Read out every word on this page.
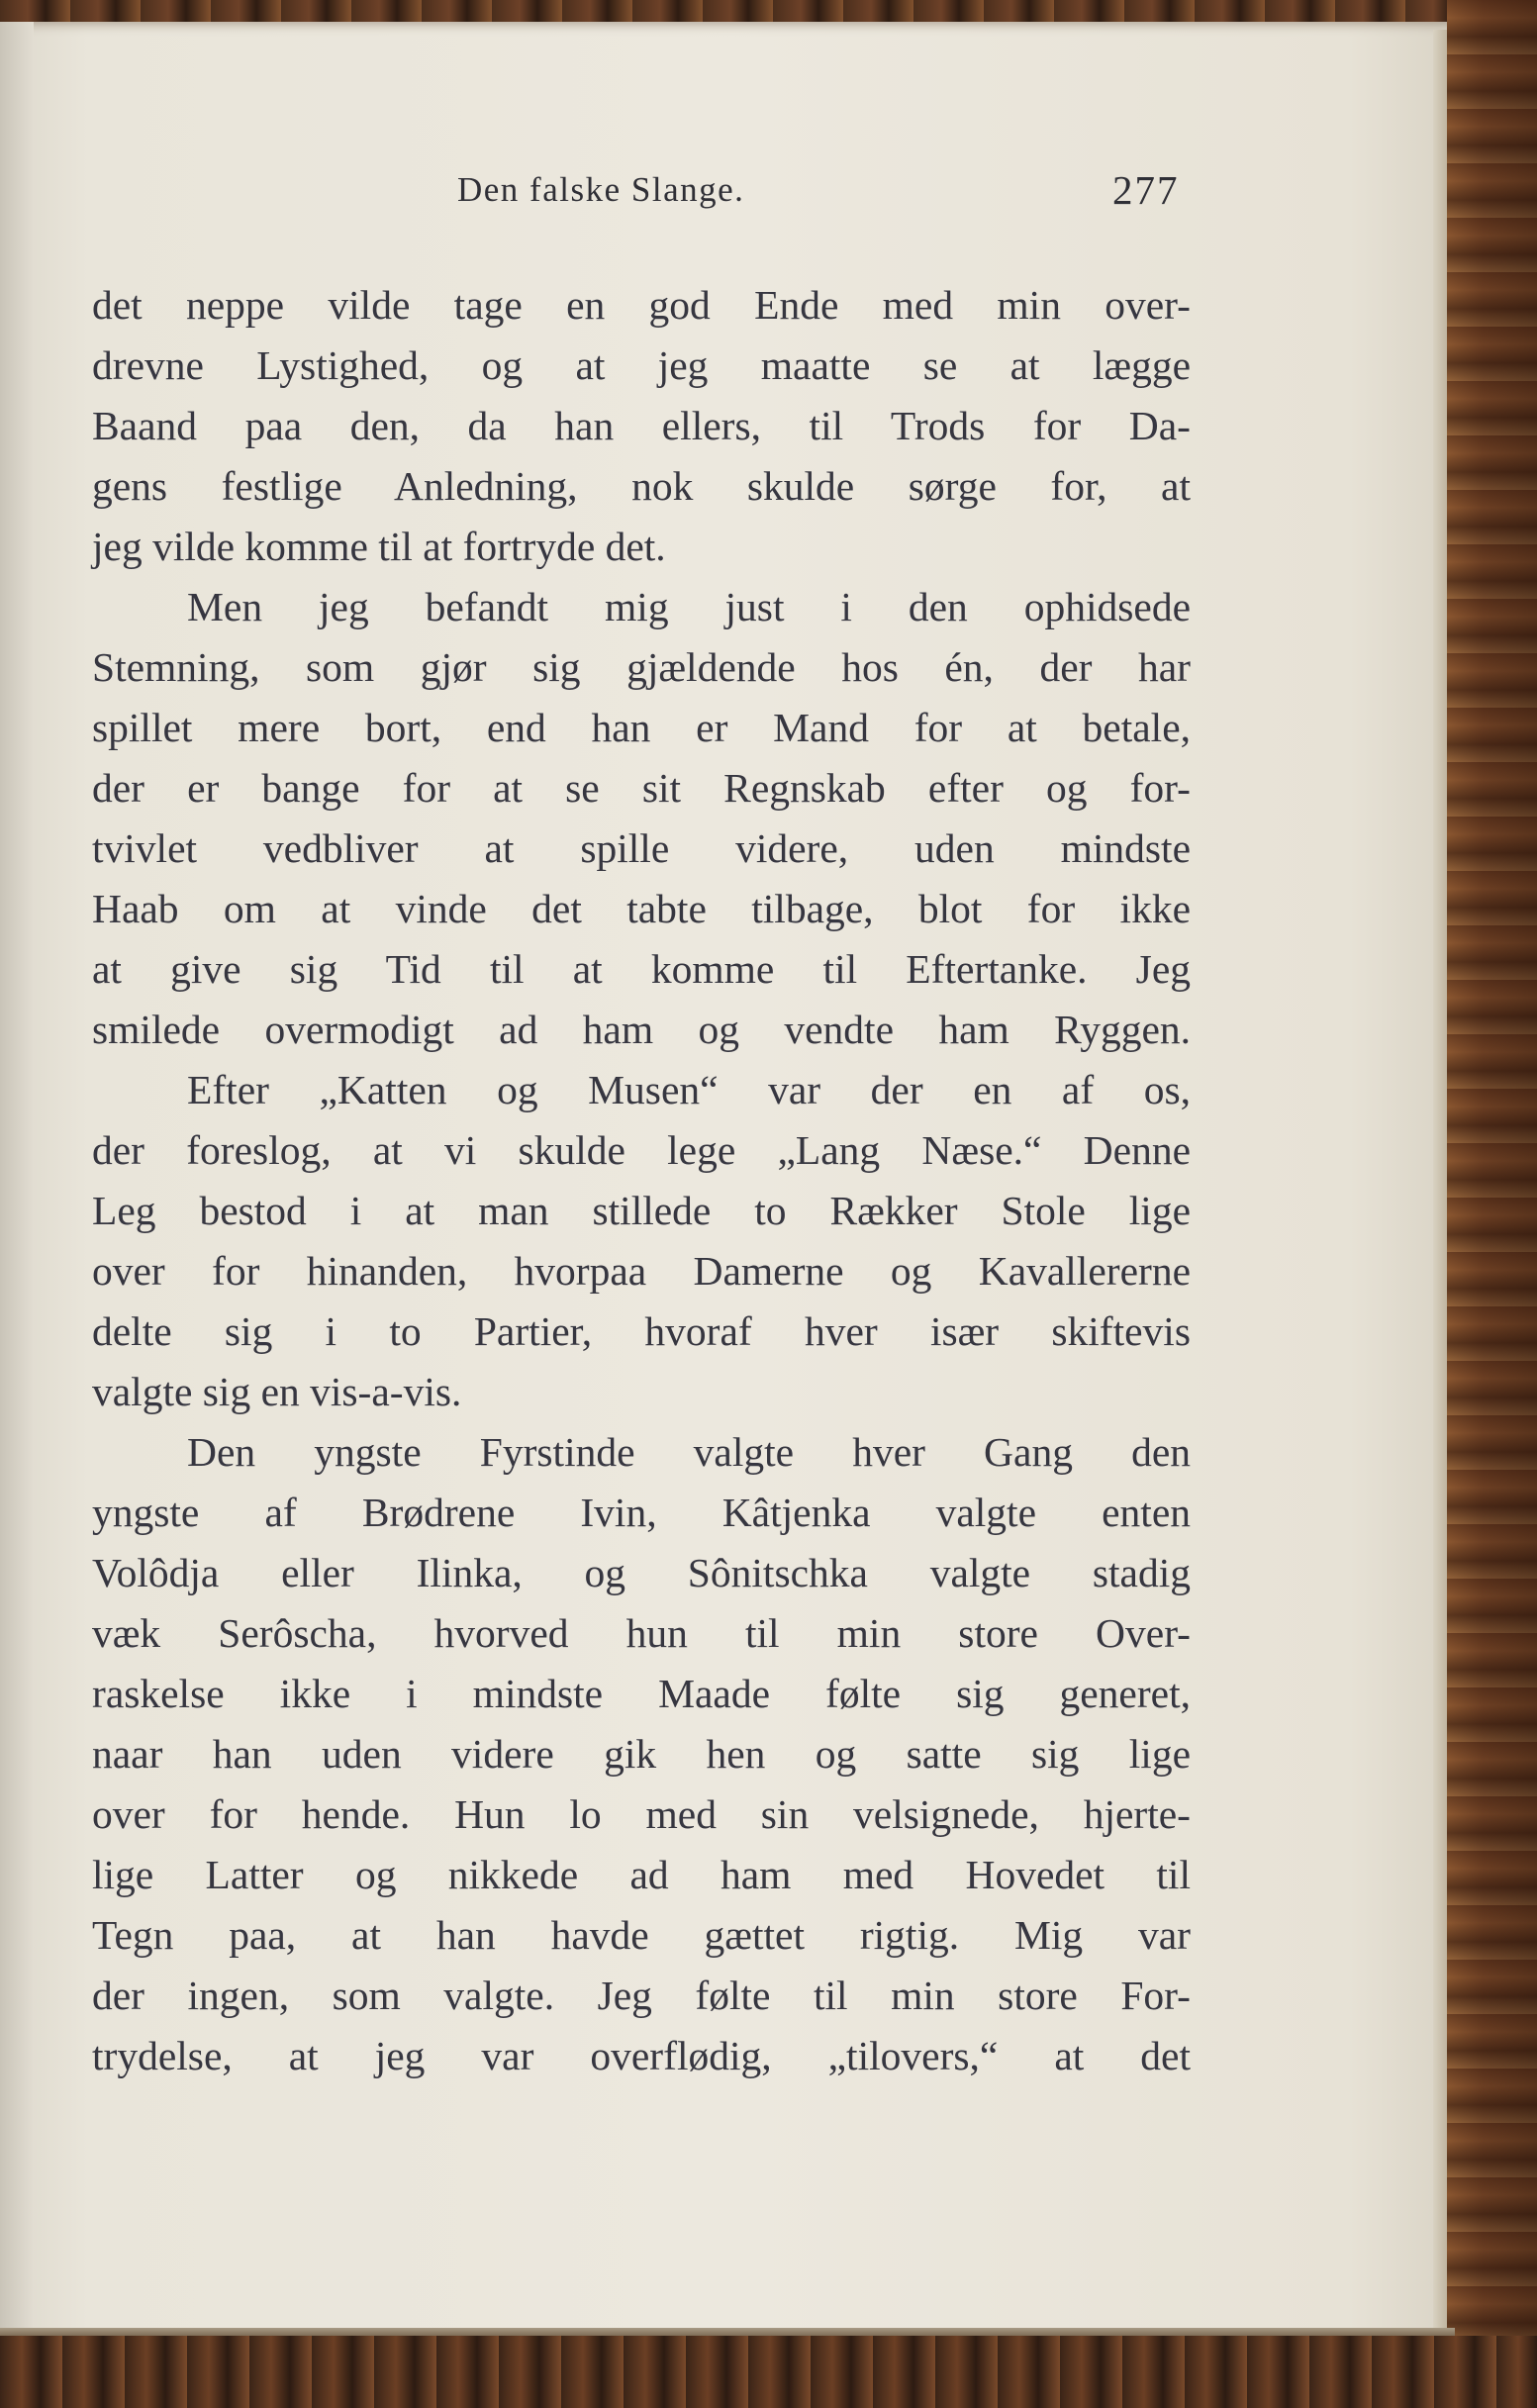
Den falske Slange.	277
det neppe vilde tage en god Ende med min over-
drevne Lystighed, og at jeg maatte se at lægge
Baand paa den, da han ellers, til Trods for Da-
gens festlige Anledning, nok skulde sørge for, at
jeg vilde komme til at fortryde det.
Men jeg befandt mig just i den ophidsede
Stemning, som gjør sig gjældende hos én, der har
spillet mere bort, end han er Mand for at betale,
der er bange for at se sit Regnskab efter og for-
tvivlet vedbliver at spille videre, uden mindste
Haab om at vinde det tabte tilbage, blot for ikke
at give sig Tid til at komme til Eftertanke. Jeg
smilede overmodigt ad ham og vendte ham Ryggen.
Efter „Katten og Musen“ var der en af os,
der foreslog, at vi skulde lege „Lang Næse.“ Denne
Leg bestod i at man stillede to Rækker Stole lige
over for hinanden, hvorpaa Damerne og Kavallererne
delte sig i to Partier, hvoraf hver især skiftevis
valgte sig en vis-a-vis.
Den yngste Fyrstinde valgte hver Gang den
yngste af Brødrene Ivin, Kâtjenka valgte enten
Volôdja eller Ilinka, og Sônitschka valgte stadig
væk Serôscha, hvorved hun til min store Over-
raskelse ikke i mindste Maade følte sig generet,
naar han uden videre gik hen og satte sig lige
over for hende. Hun lo med sin velsignede, hjerte-
lige Latter og nikkede ad ham med Hovedet til
Tegn paa, at han havde gættet rigtig. Mig var
der ingen, som valgte. Jeg følte til min store For-
trydelse, at jeg var overflødig, „tilovers,“ at det
